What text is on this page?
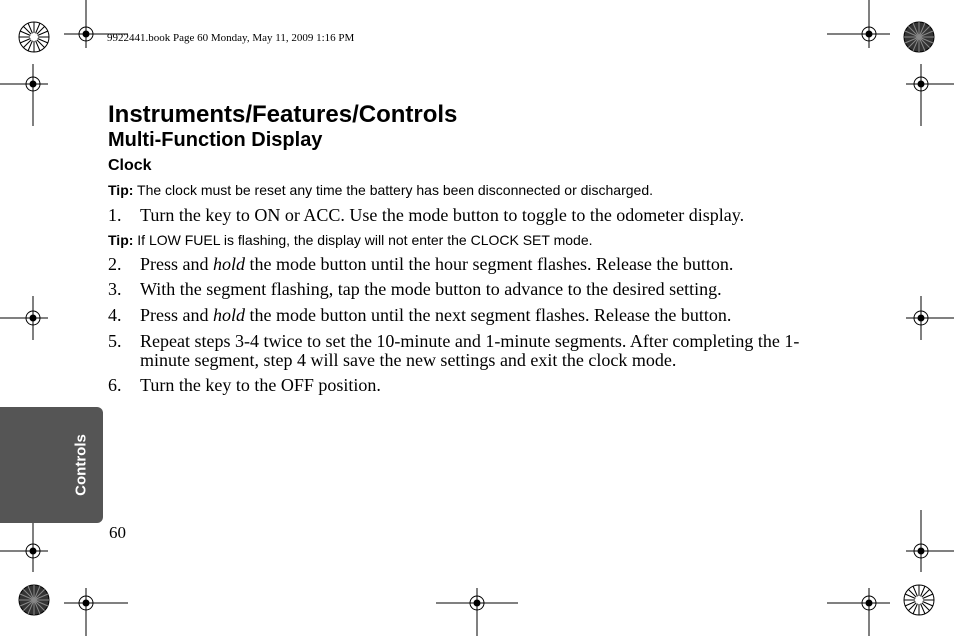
9922441.book Page 60 Monday, May 11, 2009 1:16 PM
Instruments/Features/Controls
Multi-Function Display
Clock
Tip: The clock must be reset any time the battery has been disconnected or discharged.
1. Turn the key to ON or ACC. Use the mode button to toggle to the odometer display.
Tip: If LOW FUEL is flashing, the display will not enter the CLOCK SET mode.
2. Press and hold the mode button until the hour segment flashes. Release the button.
3. With the segment flashing, tap the mode button to advance to the desired setting.
4. Press and hold the mode button until the next segment flashes. Release the button.
5. Repeat steps 3-4 twice to set the 10-minute and 1-minute segments. After completing the 1-minute segment, step 4 will save the new settings and exit the clock mode.
6. Turn the key to the OFF position.
Controls
60
